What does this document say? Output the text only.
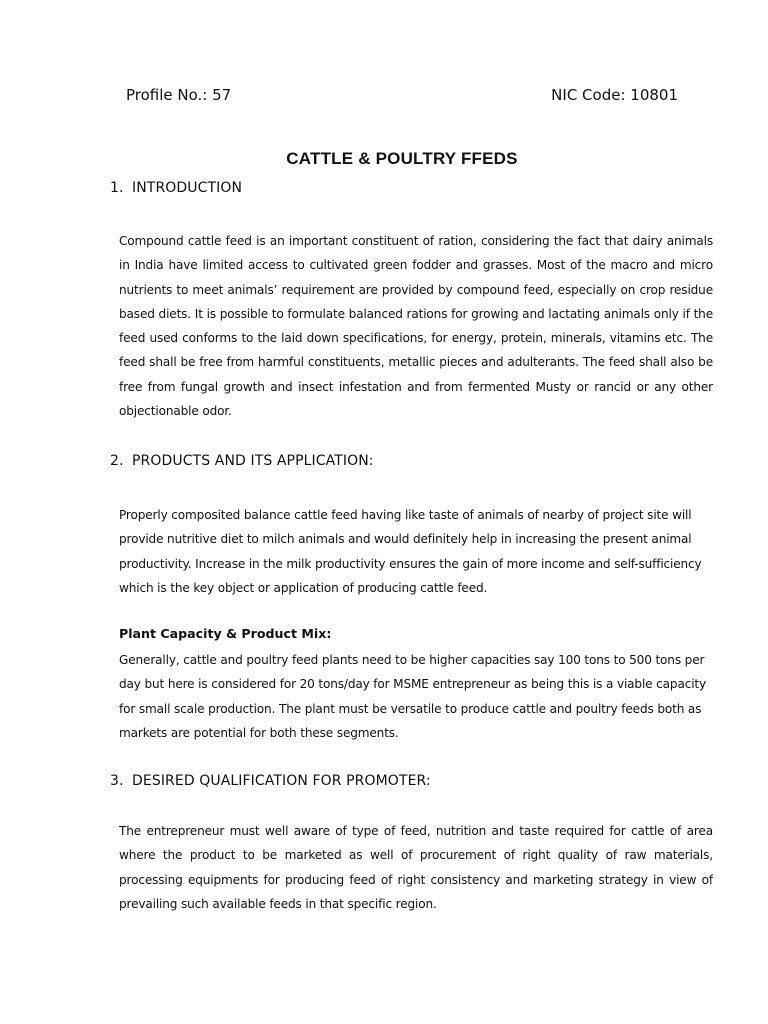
Profile No.: 57	NIC Code: 10801
CATTLE & POULTRY FFEDS
1. INTRODUCTION

Compound cattle feed is an important constituent of ration, considering the fact that dairy animals in India have limited access to cultivated green fodder and grasses. Most of the macro and micro nutrients to meet animals’ requirement are provided by compound feed, especially on crop residue based diets. It is possible to formulate balanced rations for growing and lactating animals only if the feed used conforms to the laid down specifications, for energy, protein, minerals, vitamins etc. The feed shall be free from harmful constituents, metallic pieces and adulterants. The feed shall also be free from fungal growth and insect infestation and from fermented Musty or rancid or any other objectionable odor.

2. PRODUCTS AND ITS APPLICATION:

Properly composited balance cattle feed having like taste of animals of nearby of project site will provide nutritive diet to milch animals and would definitely help in increasing the present animal productivity. Increase in the milk productivity ensures the gain of more income and self-sufficiency which is the key object or application of producing cattle feed.

Plant Capacity & Product Mix:

Generally, cattle and poultry feed plants need to be higher capacities say 100 tons to 500 tons per day but here is considered for 20 tons/day for MSME entrepreneur as being this is a viable capacity for small scale production. The plant must be versatile to produce cattle and poultry feeds both as markets are potential for both these segments.

3. DESIRED QUALIFICATION FOR PROMOTER:

The entrepreneur must well aware of type of feed, nutrition and taste required for cattle of area where the product to be marketed as well of procurement of right quality of raw materials, processing equipments for producing feed of right consistency and marketing strategy in view of prevailing such available feeds in that specific region.
